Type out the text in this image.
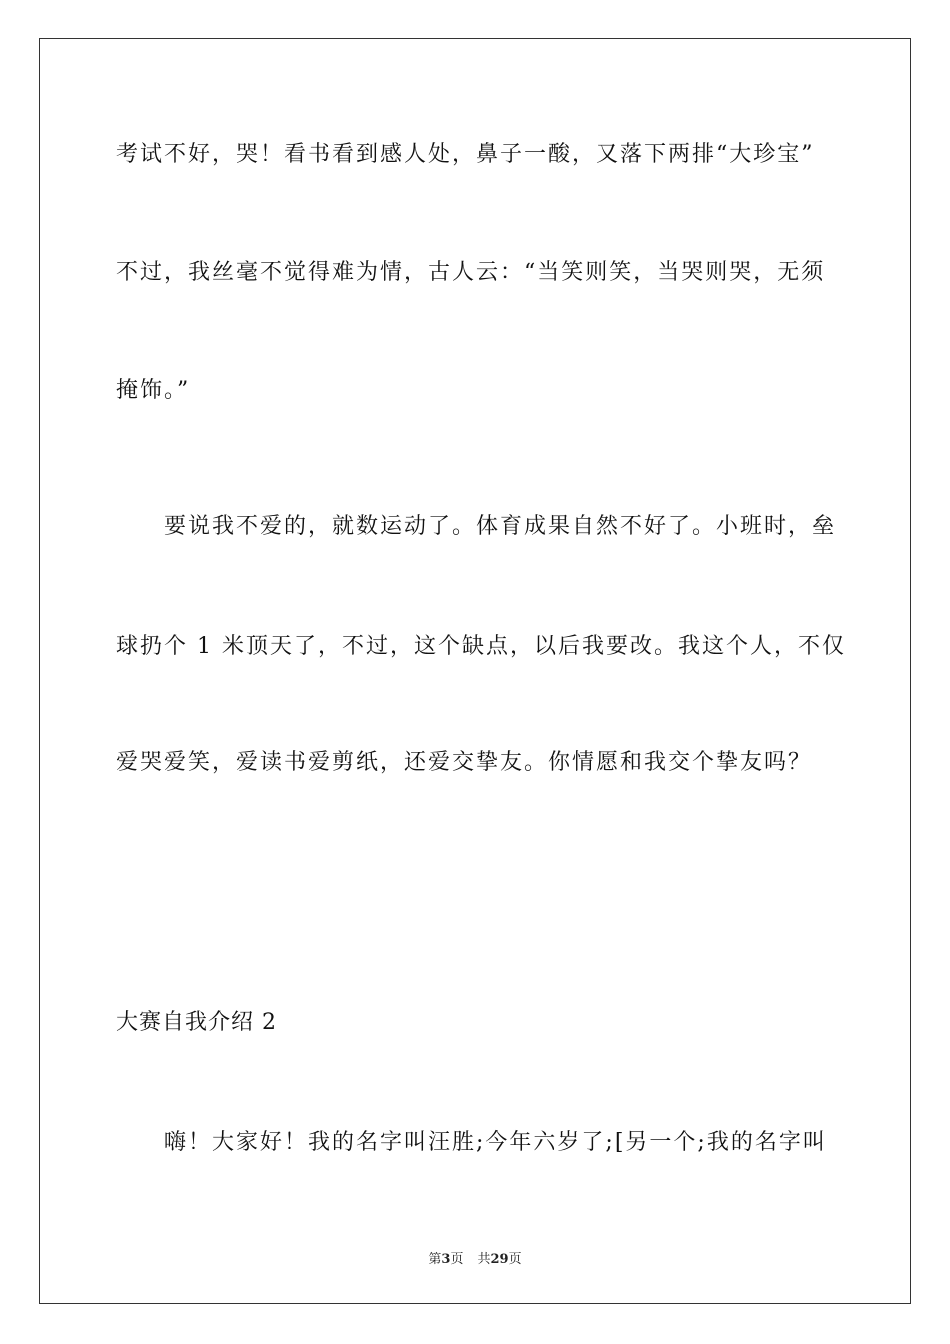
考试不好，哭！看书看到感人处，鼻子一酸，又落下两排“大珍宝”
不过，我丝毫不觉得难为情，古人云：“当笑则笑，当哭则哭，无须
掩饰。”
要说我不爱的，就数运动了。体育成果自然不好了。小班时，垒
球扔个 1 米顶天了，不过，这个缺点，以后我要改。我这个人，不仅
爱哭爱笑，爱读书爱剪纸，还爱交挚友。你情愿和我交个挚友吗？
大赛自我介绍 2
嗨！大家好！我的名字叫汪胜;今年六岁了;[另一个;我的名字叫
第3页 共29页
